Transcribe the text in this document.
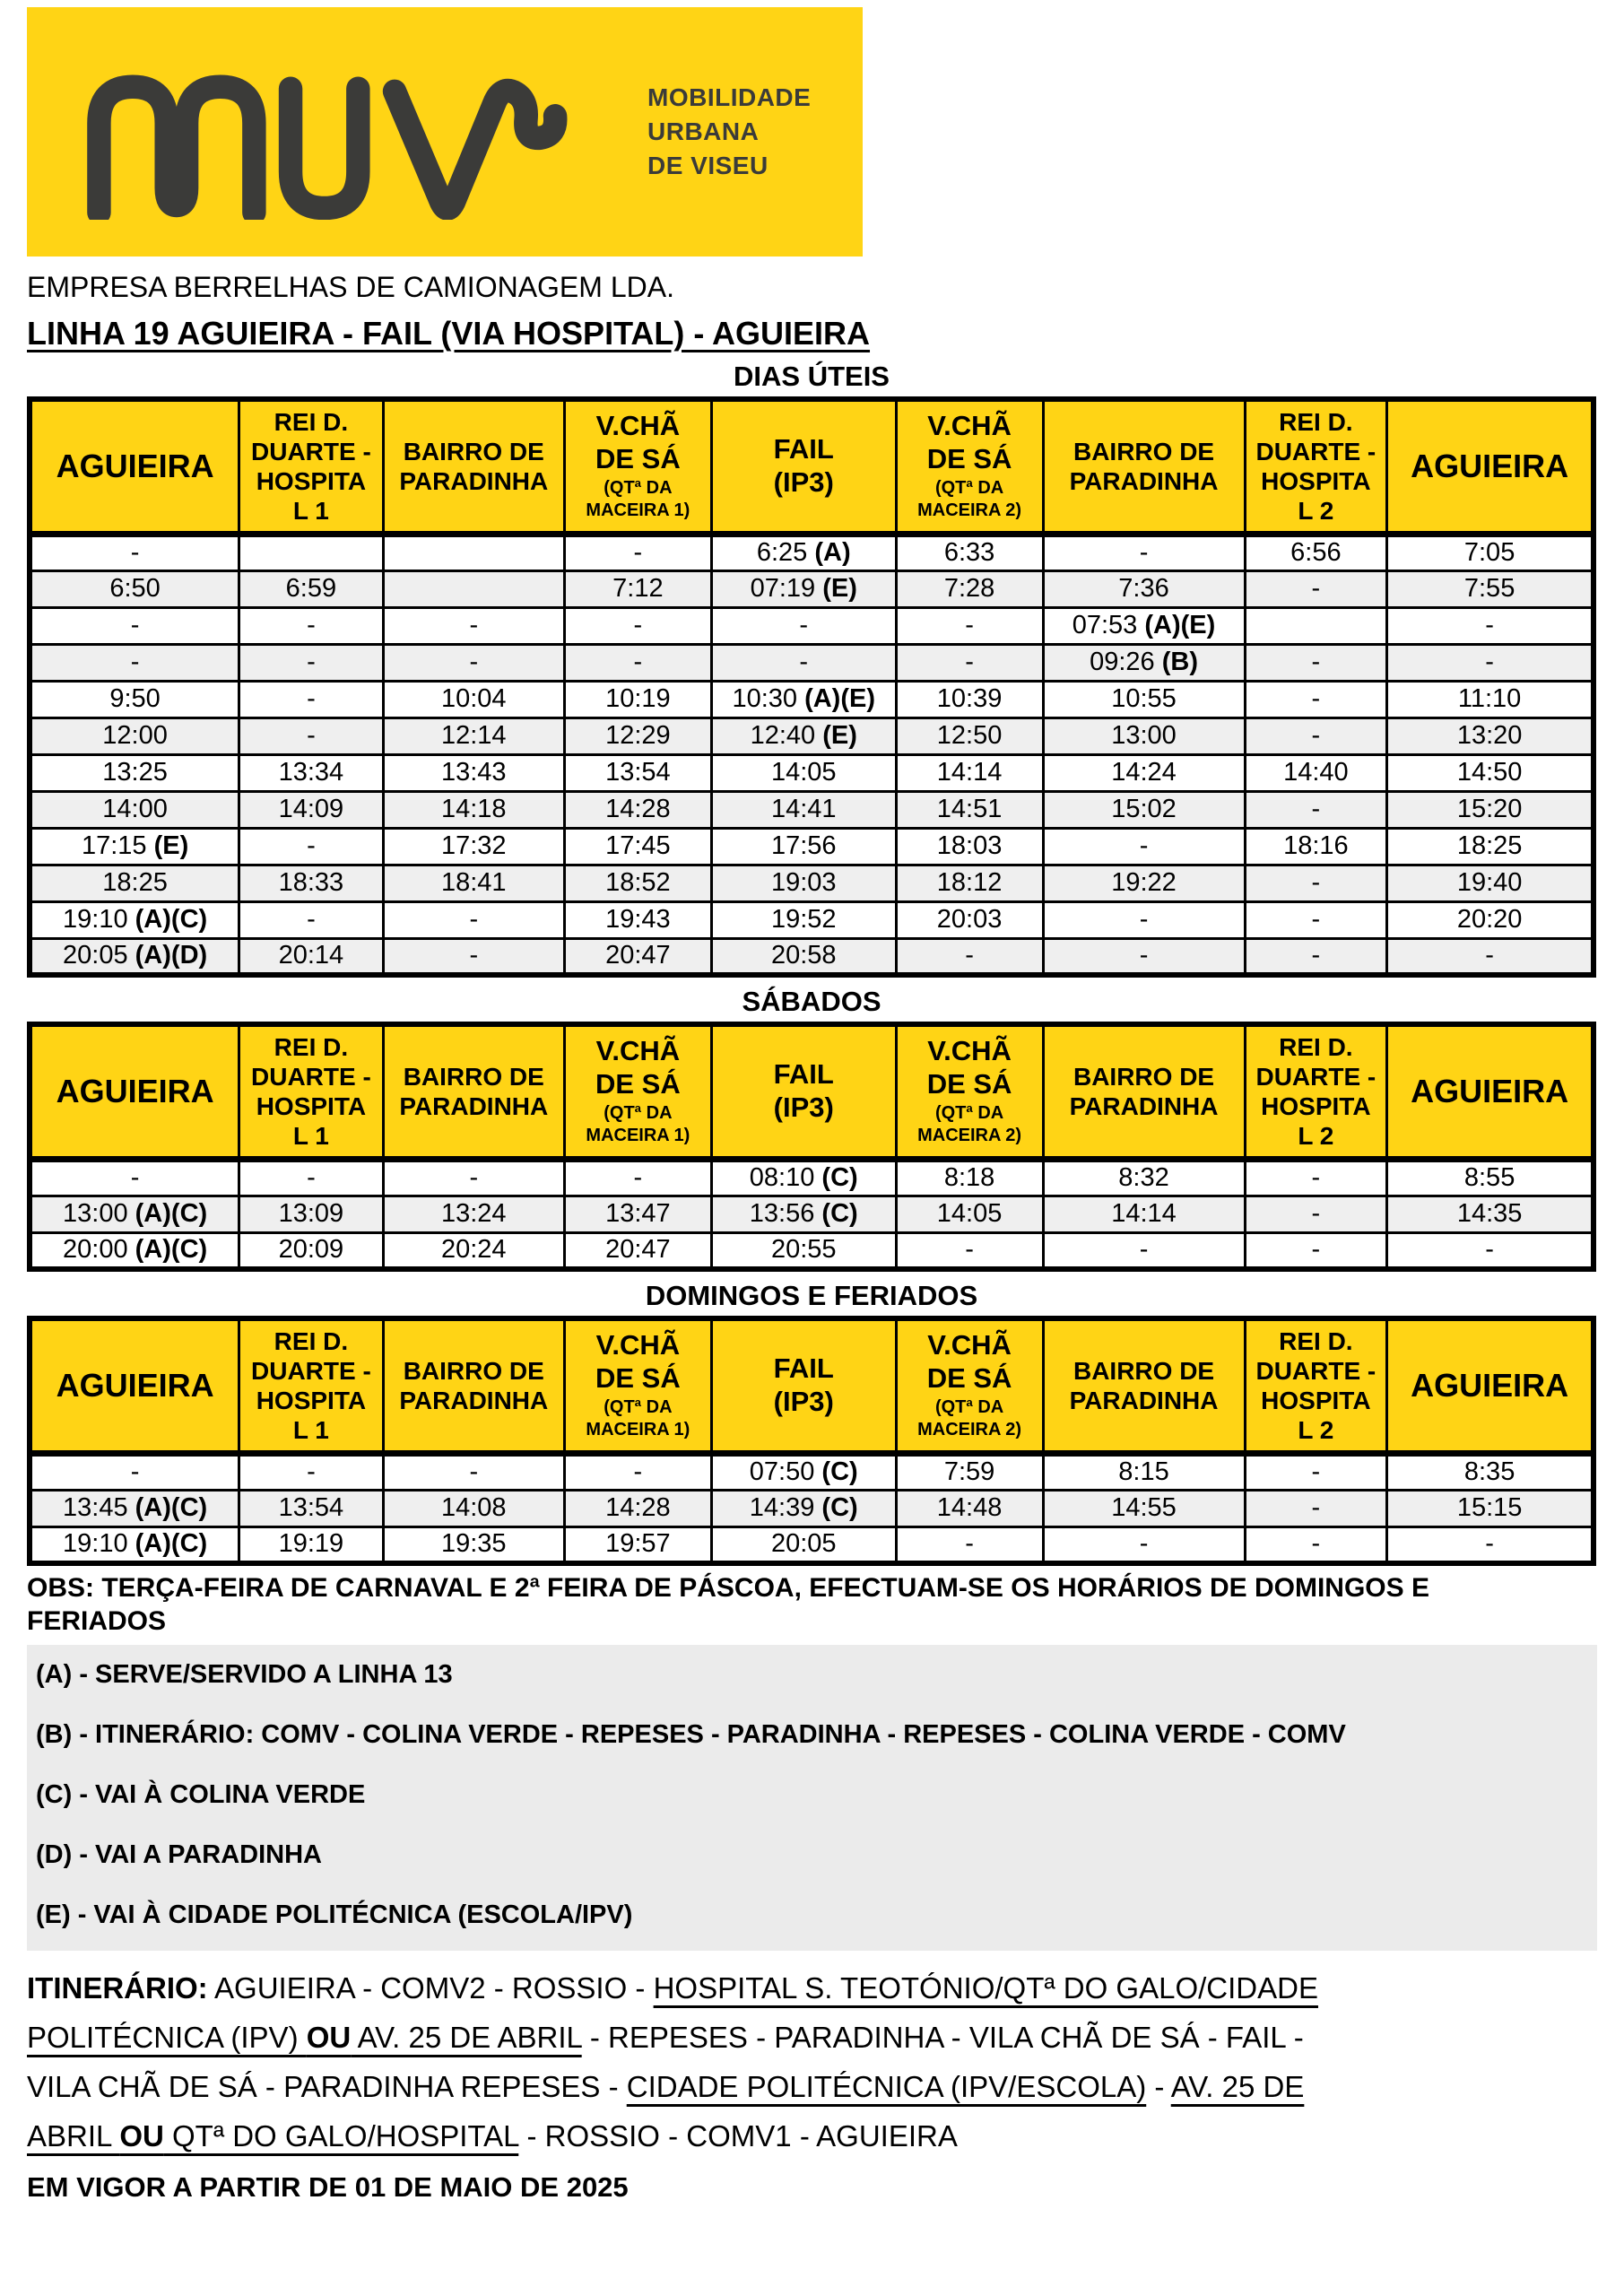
MOBILIDADE
URBANA
DE VISEU
EMPRESA BERRELHAS DE CAMIONAGEM LDA.
LINHA 19 AGUIEIRA - FAIL (VIA HOSPITAL) - AGUIEIRA
DIAS ÚTEIS
AGUIEIRA	REI D.
DUARTE -
HOSPITA
L 1	BAIRRO DE
PARADINHA	V.CHÃ
DE SÁ
(QTª DA
MACEIRA 1)	FAIL
(IP3)	V.CHÃ
DE SÁ
(QTª DA
MACEIRA 2)	BAIRRO DE
PARADINHA	REI D.
DUARTE -
HOSPITA
L 2	AGUIEIRA

-			-	6:25 (A)	6:33	-	6:56	7:05
6:50	6:59		7:12	07:19 (E)	7:28	7:36	-	7:55
-	-	-	-	-	-	07:53 (A)(E)		-
-	-	-	-	-	-	09:26 (B)	-	-
9:50	-	10:04	10:19	10:30 (A)(E)	10:39	10:55	-	11:10
12:00	-	12:14	12:29	12:40 (E)	12:50	13:00	-	13:20
13:25	13:34	13:43	13:54	14:05	14:14	14:24	14:40	14:50
14:00	14:09	14:18	14:28	14:41	14:51	15:02	-	15:20
17:15 (E)	-	17:32	17:45	17:56	18:03	-	18:16	18:25
18:25	18:33	18:41	18:52	19:03	18:12	19:22	-	19:40
19:10 (A)(C)	-	-	19:43	19:52	20:03	-	-	20:20
20:05 (A)(D)	20:14	-	20:47	20:58	-	-	-	-
SÁBADOS
AGUIEIRA	REI D.
DUARTE -
HOSPITA
L 1	BAIRRO DE
PARADINHA	V.CHÃ
DE SÁ
(QTª DA
MACEIRA 1)	FAIL
(IP3)	V.CHÃ
DE SÁ
(QTª DA
MACEIRA 2)	BAIRRO DE
PARADINHA	REI D.
DUARTE -
HOSPITA
L 2	AGUIEIRA

-	-	-	-	08:10 (C)	8:18	8:32	-	8:55
13:00 (A)(C)	13:09	13:24	13:47	13:56 (C)	14:05	14:14	-	14:35
20:00 (A)(C)	20:09	20:24	20:47	20:55	-	-	-	-
DOMINGOS E FERIADOS
AGUIEIRA	REI D.
DUARTE -
HOSPITA
L 1	BAIRRO DE
PARADINHA	V.CHÃ
DE SÁ
(QTª DA
MACEIRA 1)	FAIL
(IP3)	V.CHÃ
DE SÁ
(QTª DA
MACEIRA 2)	BAIRRO DE
PARADINHA	REI D.
DUARTE -
HOSPITA
L 2	AGUIEIRA

-	-	-	-	07:50 (C)	7:59	8:15	-	8:35
13:45 (A)(C)	13:54	14:08	14:28	14:39 (C)	14:48	14:55	-	15:15
19:10 (A)(C)	19:19	19:35	19:57	20:05	-	-	-	-
OBS: TERÇA-FEIRA DE CARNAVAL E 2ª FEIRA DE PÁSCOA, EFECTUAM-SE OS HORÁRIOS DE DOMINGOS E
FERIADOS
(A) - SERVE/SERVIDO A LINHA 13
(B) - ITINERÁRIO: COMV - COLINA VERDE - REPESES - PARADINHA - REPESES - COLINA VERDE - COMV
(C) - VAI À COLINA VERDE
(D) - VAI A PARADINHA
(E) - VAI À CIDADE POLITÉCNICA (ESCOLA/IPV)
ITINERÁRIO: AGUIEIRA - COMV2 - ROSSIO - HOSPITAL S. TEOTÓNIO/QTª DO GALO/CIDADE
POLITÉCNICA (IPV) OU AV. 25 DE ABRIL - REPESES - PARADINHA - VILA CHÃ DE SÁ - FAIL -
VILA CHÃ DE SÁ - PARADINHA REPESES - CIDADE POLITÉCNICA (IPV/ESCOLA) - AV. 25 DE
ABRIL OU QTª DO GALO/HOSPITAL - ROSSIO - COMV1 - AGUIEIRA
EM VIGOR A PARTIR DE 01 DE MAIO DE 2025
